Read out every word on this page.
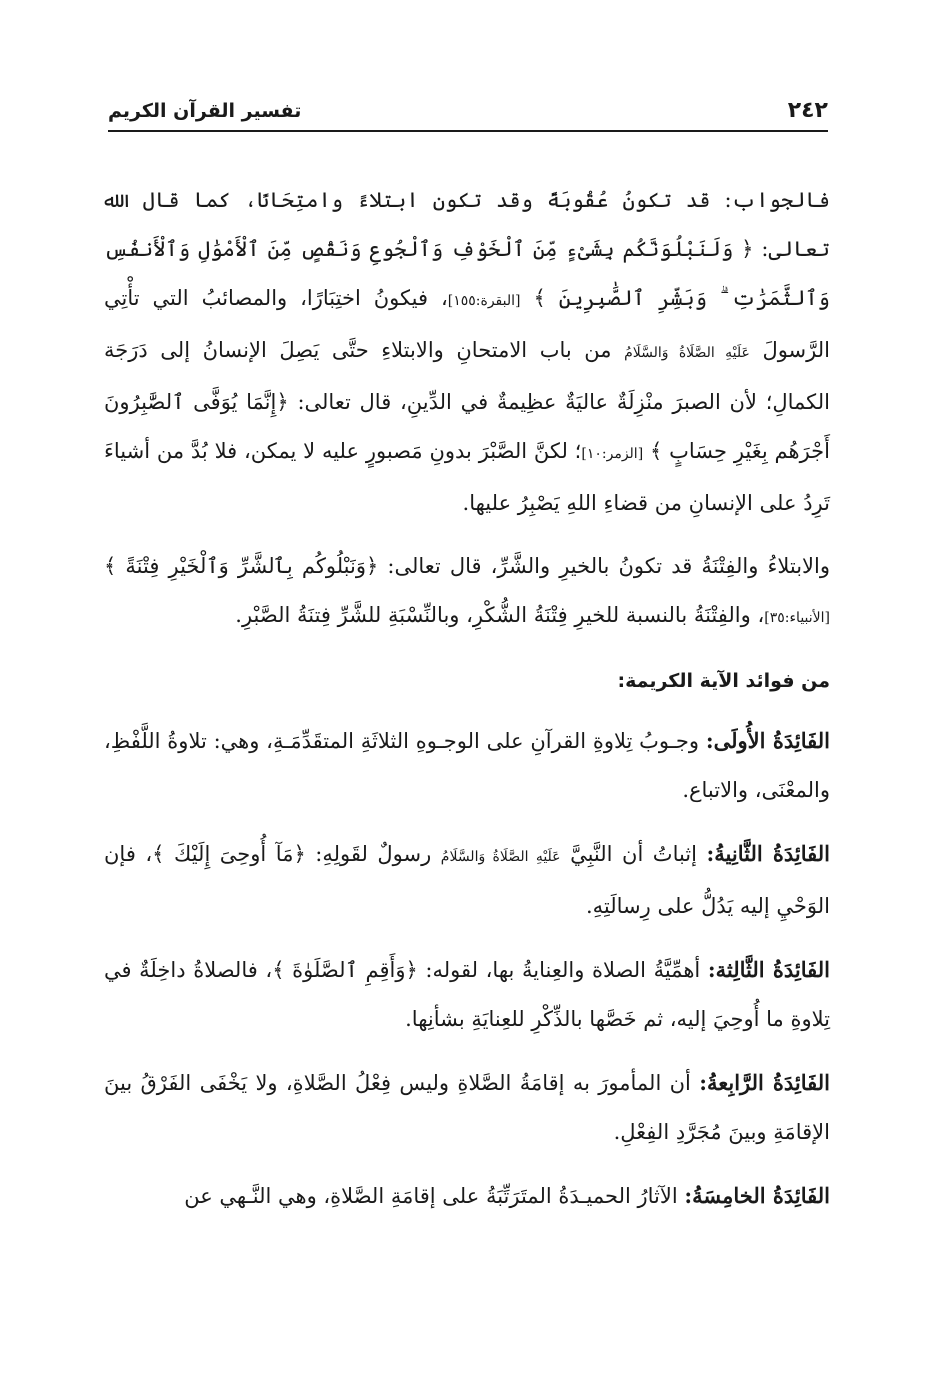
٢٤٢
تفسير القرآن الكريم

فالجواب: قد تكونُ عُقُوبَةً وقد تكون ابتلاءً وامتِحَانًا، كما قال الله تعالى: ﴿ وَلَنَبْلُوَنَّكُم بِشَىْءٍ مِّنَ ٱلْخَوْفِ وَٱلْجُوعِ وَنَقْصٍ مِّنَ ٱلْأَمْوَٰلِ وَٱلْأَنفُسِ وَٱلثَّمَرَٰتِ ۗ وَبَشِّرِ ٱلصَّٰبِرِينَ ﴾ [البقرة:١٥٥]، فيكونُ اختِبَارًا، والمصائبُ التي تأْتِي الرَّسولَ عَلَيْهِ الصَّلَاةُ وَالسَّلَامُ من باب الامتحانِ والابتلاءِ حتَّى يَصِلَ الإنسانُ إلى دَرَجَة الكمالِ؛ لأن الصبرَ منْزِلَةٌ عاليَةٌ عظِيمةٌ في الدِّينِ، قال تعالى: ﴿إِنَّمَا يُوَفَّى ٱلصَّٰبِرُونَ أَجْرَهُم بِغَيْرِ حِسَابٍ ﴾ [الزمر:١٠]؛ لكنَّ الصَّبْرَ بدونِ مَصبورٍ عليه لا يمكن، فلا بُدَّ من أشياءَ تَرِدُ على الإنسانِ من قضاءِ اللهِ يَصْبِرُ عليها.

والابتلاءُ والفِتْنَةُ قد تكونُ بالخيرِ والشَّرِّ، قال تعالى: ﴿وَنَبْلُوكُم بِٱلشَّرِّ وَٱلْخَيْرِ فِتْنَةً ﴾ [الأنبياء:٣٥]، والفِتْنَةُ بالنسبة للخيرِ فِتْنَةُ الشُّكْرِ، وبالنِّسْبَةِ للشَّرِّ فِتنَةُ الصَّبْرِ.

من فوائد الآية الكريمة:

الفَائِدَةُ الأُولَى: وجـوبُ تِلاوةِ القرآنِ على الوجـوهِ الثلاثَةِ المتقَدِّمَـةِ، وهي: تلاوةُ اللَّفْظِ، والمعْنَى، والاتباع.

الفَائِدَةُ الثَّانِيةُ: إثباتُ أن النَّبِيَّ عَلَيْهِ الصَّلَاةُ وَالسَّلَامُ رسولٌ لقَولِهِ: ﴿مَآ أُوحِىَ إِلَيْكَ ﴾، فإن الوَحْيِ إليه يَدُلُّ على رِسالَتِهِ.

الفَائِدَةُ الثَّالِثة: أهمِّيَّةُ الصلاة والعِنايةُ بها، لقوله: ﴿وَأَقِمِ ٱلصَّلَوٰةَ ﴾، فالصلاةُ داخِلَةٌ في تِلاوةِ ما أُوحِيَ إليه، ثم خَصَّها بالذِّكْرِ للعِنايَةِ بشأنِها.

الفَائِدَةُ الرَّابِعةُ: أن المأمورَ به إقامَةُ الصَّلاةِ وليس فِعْلُ الصَّلاةِ، ولا يَخْفَى الفَرْقُ بينَ الإقامَةِ وبينَ مُجَرَّدِ الفِعْلِ.

الفَائِدَةُ الخامِسَةُ: الآثارُ الحميـدَةُ المتَرَتِّبَةُ على إقامَةِ الصَّلاةِ، وهي النَّـهي عن
